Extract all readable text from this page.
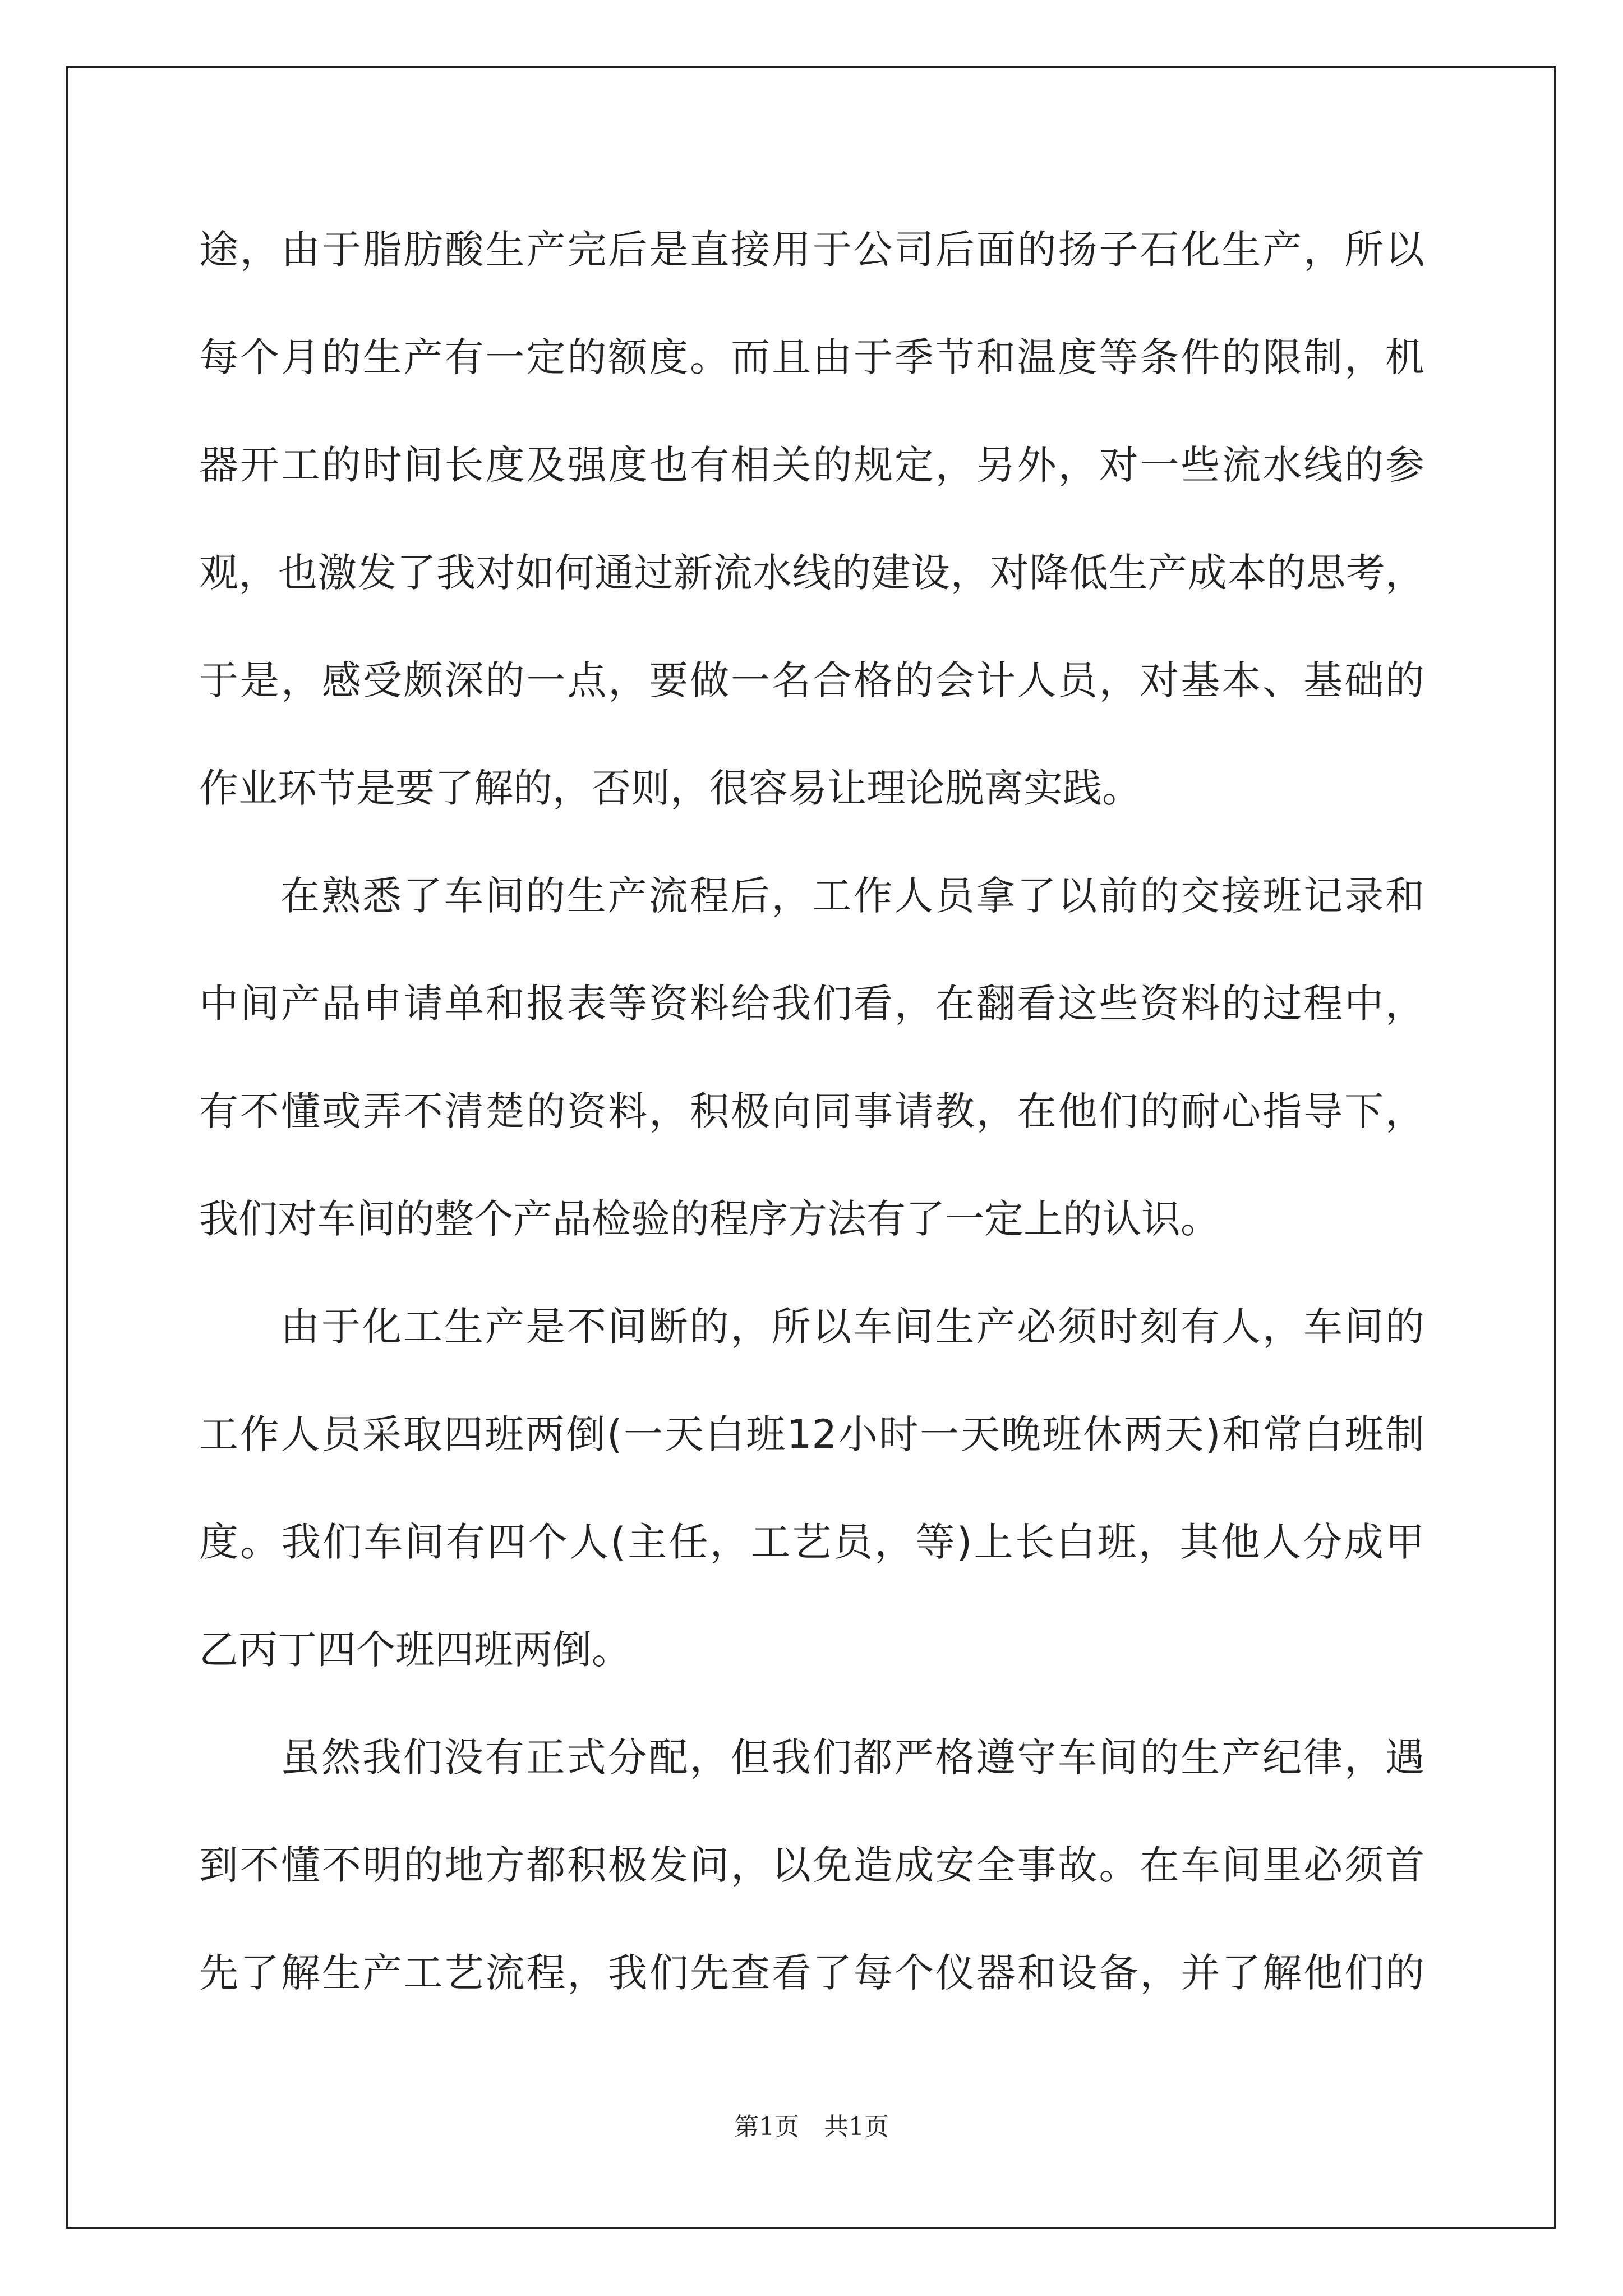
途，由于脂肪酸生产完后是直接用于公司后面的扬子石化生产，所以
每个月的生产有一定的额度。而且由于季节和温度等条件的限制，机
器开工的时间长度及强度也有相关的规定，另外，对一些流水线的参
观，也激发了我对如何通过新流水线的建设，对降低生产成本的思考，
于是，感受颇深的一点，要做一名合格的会计人员，对基本、基础的
作业环节是要了解的，否则，很容易让理论脱离实践。
在熟悉了车间的生产流程后，工作人员拿了以前的交接班记录和
中间产品申请单和报表等资料给我们看，在翻看这些资料的过程中，
有不懂或弄不清楚的资料，积极向同事请教，在他们的耐心指导下，
我们对车间的整个产品检验的程序方法有了一定上的认识。
由于化工生产是不间断的，所以车间生产必须时刻有人，车间的
工作人员采取四班两倒(一天白班12小时一天晚班休两天)和常白班制
度。我们车间有四个人(主任，工艺员，等)上长白班，其他人分成甲
乙丙丁四个班四班两倒。
虽然我们没有正式分配，但我们都严格遵守车间的生产纪律，遇
到不懂不明的地方都积极发问，以免造成安全事故。在车间里必须首
先了解生产工艺流程，我们先查看了每个仪器和设备，并了解他们的
第1页 共1页
